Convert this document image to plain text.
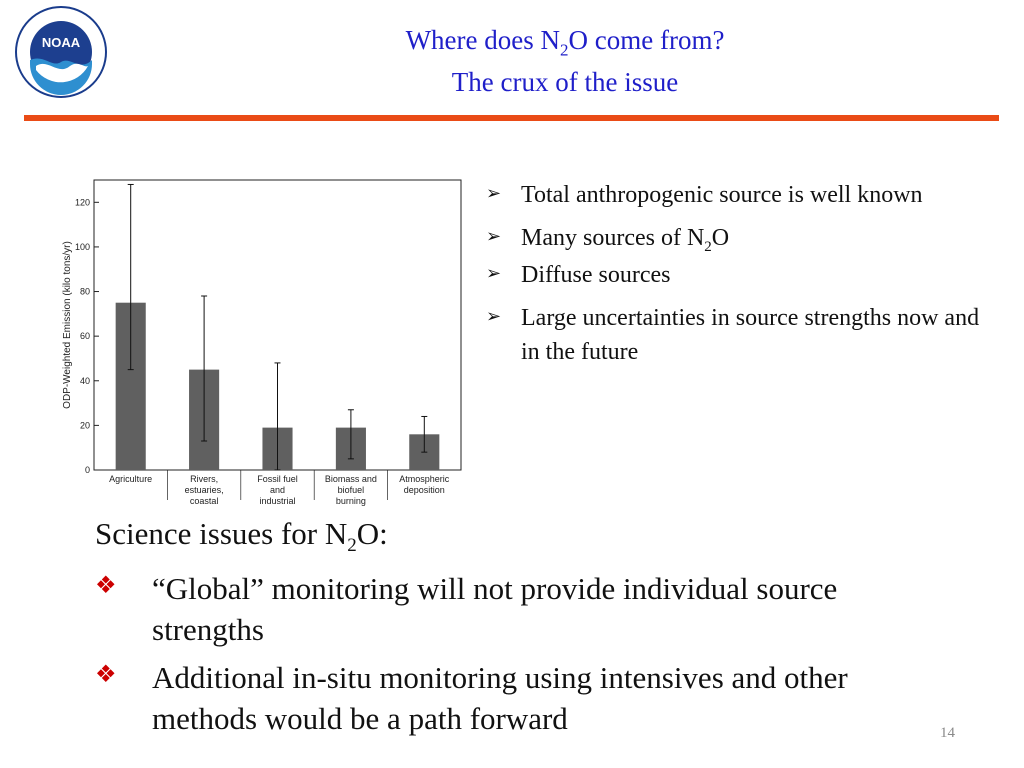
NOAA	Where does $N_2O$ come from?
The crux of the issue
0
20
40
60
80
100
120
ODP-Weighted Emission (kilo tons/yr)
Agriculture	Rivers,
estuaries,
coastal
Fossil fuel
and
industrial
Biomass and
biofuel
burning
Atmospheric
deposition
➢ Total anthropogenic source is well known
➢ Many sources of $N_2O$
➢ Diffuse sources
➢ Large uncertainties in source strengths now and in the future
Science issues for $N_2O$:
❖ “Global” monitoring will not provide individual source strengths
❖ Additional in-situ monitoring using intensives and other methods would be a path forward	14
